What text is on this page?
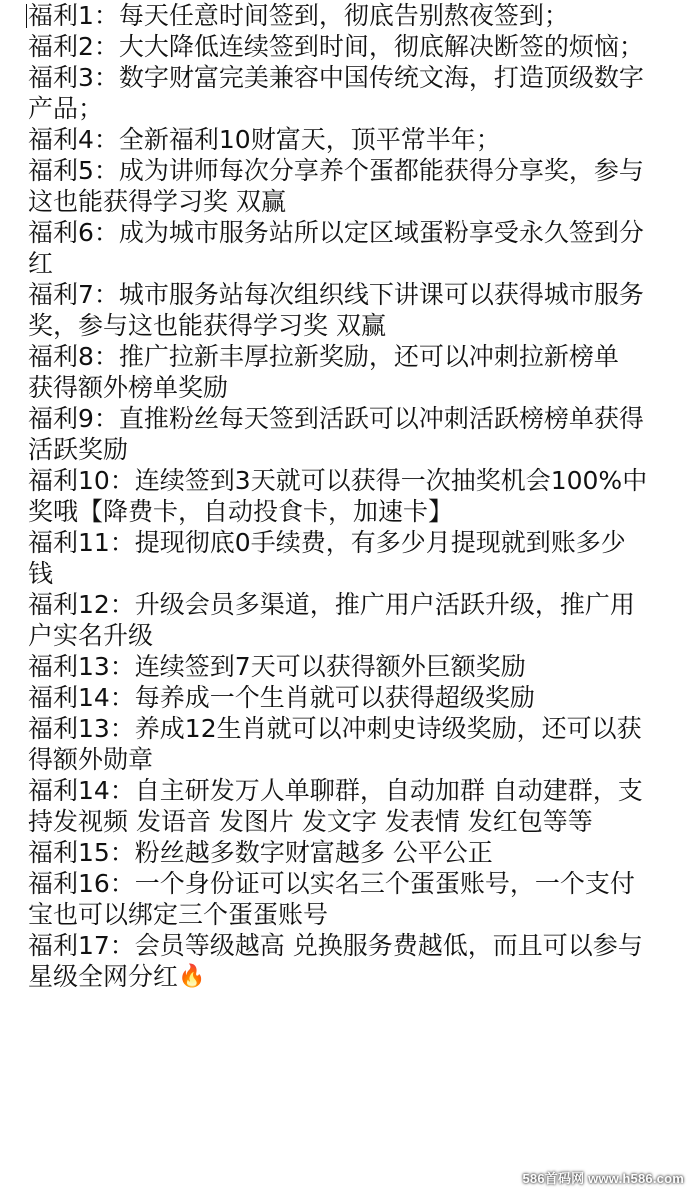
福利1：每天任意时间签到，彻底告别熬夜签到；
福利2：大大降低连续签到时间，彻底解决断签的烦恼；
福利3：数字财富完美兼容中国传统文海，打造顶级数字
产品；
福利4：全新福利10财富天，顶平常半年；
福利5：成为讲师每次分享养个蛋都能获得分享奖，参与
这也能获得学习奖 双赢
福利6：成为城市服务站所以定区域蛋粉享受永久签到分
红
福利7：城市服务站每次组织线下讲课可以获得城市服务
奖，参与这也能获得学习奖 双赢
福利8：推广拉新丰厚拉新奖励，还可以冲刺拉新榜单
获得额外榜单奖励
福利9：直推粉丝每天签到活跃可以冲刺活跃榜榜单获得
活跃奖励
福利10：连续签到3天就可以获得一次抽奖机会100%中
奖哦【降费卡，自动投食卡，加速卡】
福利11：提现彻底0手续费，有多少月提现就到账多少
钱
福利12：升级会员多渠道，推广用户活跃升级，推广用
户实名升级
福利13：连续签到7天可以获得额外巨额奖励
福利14：每养成一个生肖就可以获得超级奖励
福利13：养成12生肖就可以冲刺史诗级奖励，还可以获
得额外勋章
福利14：自主研发万人单聊群，自动加群 自动建群，支
持发视频 发语音 发图片 发文字 发表情 发红包等等
福利15：粉丝越多数字财富越多 公平公正
福利16：一个身份证可以实名三个蛋蛋账号，一个支付
宝也可以绑定三个蛋蛋账号
福利17：会员等级越高 兑换服务费越低，而且可以参与
星级全网分红🔥
586首码网 www.h586.com
